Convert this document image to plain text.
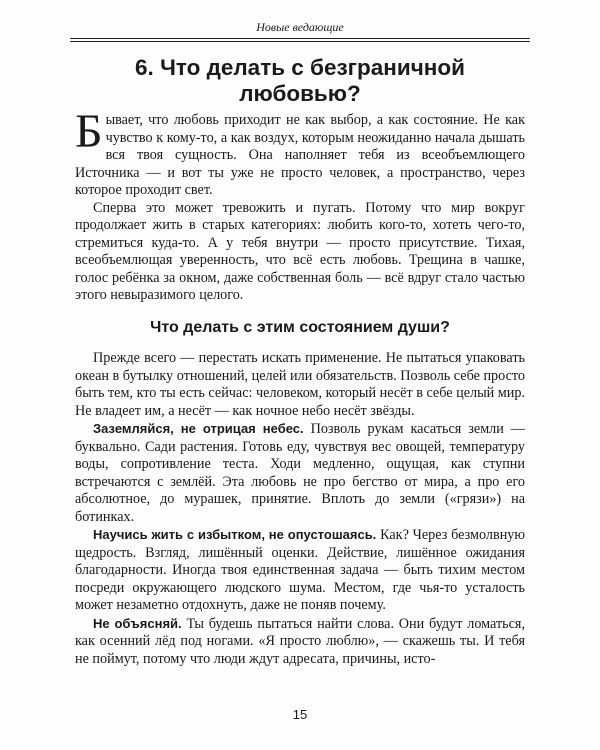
Новые ведающие
6. Что делать с безграничной
любовью?

Бывает, что любовь приходит не как выбор, а как состояние. Не как чувство к кому-то, а как воздух, которым неожиданно начала дышать вся твоя сущность. Она наполняет тебя из всеобъемлющего Источника — и вот ты уже не просто человек, а пространство, через которое проходит свет.

Сперва это может тревожить и пугать. Потому что мир вокруг продолжает жить в старых категориях: любить кого-то, хотеть чего-то, стремиться куда-то. А у тебя внутри — просто присутствие. Тихая, всеобъемлющая уверенность, что всё есть любовь. Трещина в чашке, голос ребёнка за окном, даже собственная боль — всё вдруг стало частью этого невыразимого целого.

Что делать с этим состоянием души?

Прежде всего — перестать искать применение. Не пытаться упаковать океан в бутылку отношений, целей или обязательств. Позволь себе просто быть тем, кто ты есть сейчас: человеком, который несёт в себе целый мир. Не владеет им, а несёт — как ночное небо несёт звёзды.

Заземляйся, не отрицая небес. Позволь рукам касаться земли — буквально. Сади растения. Готовь еду, чувствуя вес овощей, температуру воды, сопротивление теста. Ходи медленно, ощущая, как ступни встречаются с землёй. Эта любовь не про бегство от мира, а про его абсолютное, до мурашек, принятие. Вплоть до земли («грязи») на ботинках.

Научись жить с избытком, не опустошаясь. Как? Через безмолвную щедрость. Взгляд, лишённый оценки. Действие, лишённое ожидания благодарности. Иногда твоя единственная задача — быть тихим местом посреди окружающего людского шума. Местом, где чья-то усталость может незаметно отдохнуть, даже не поняв почему.

Не объясняй. Ты будешь пытаться найти слова. Они будут ломаться, как осенний лёд под ногами. «Я просто люблю», — скажешь ты. И тебя не поймут, потому что люди ждут адресата, причины, исто-

15
